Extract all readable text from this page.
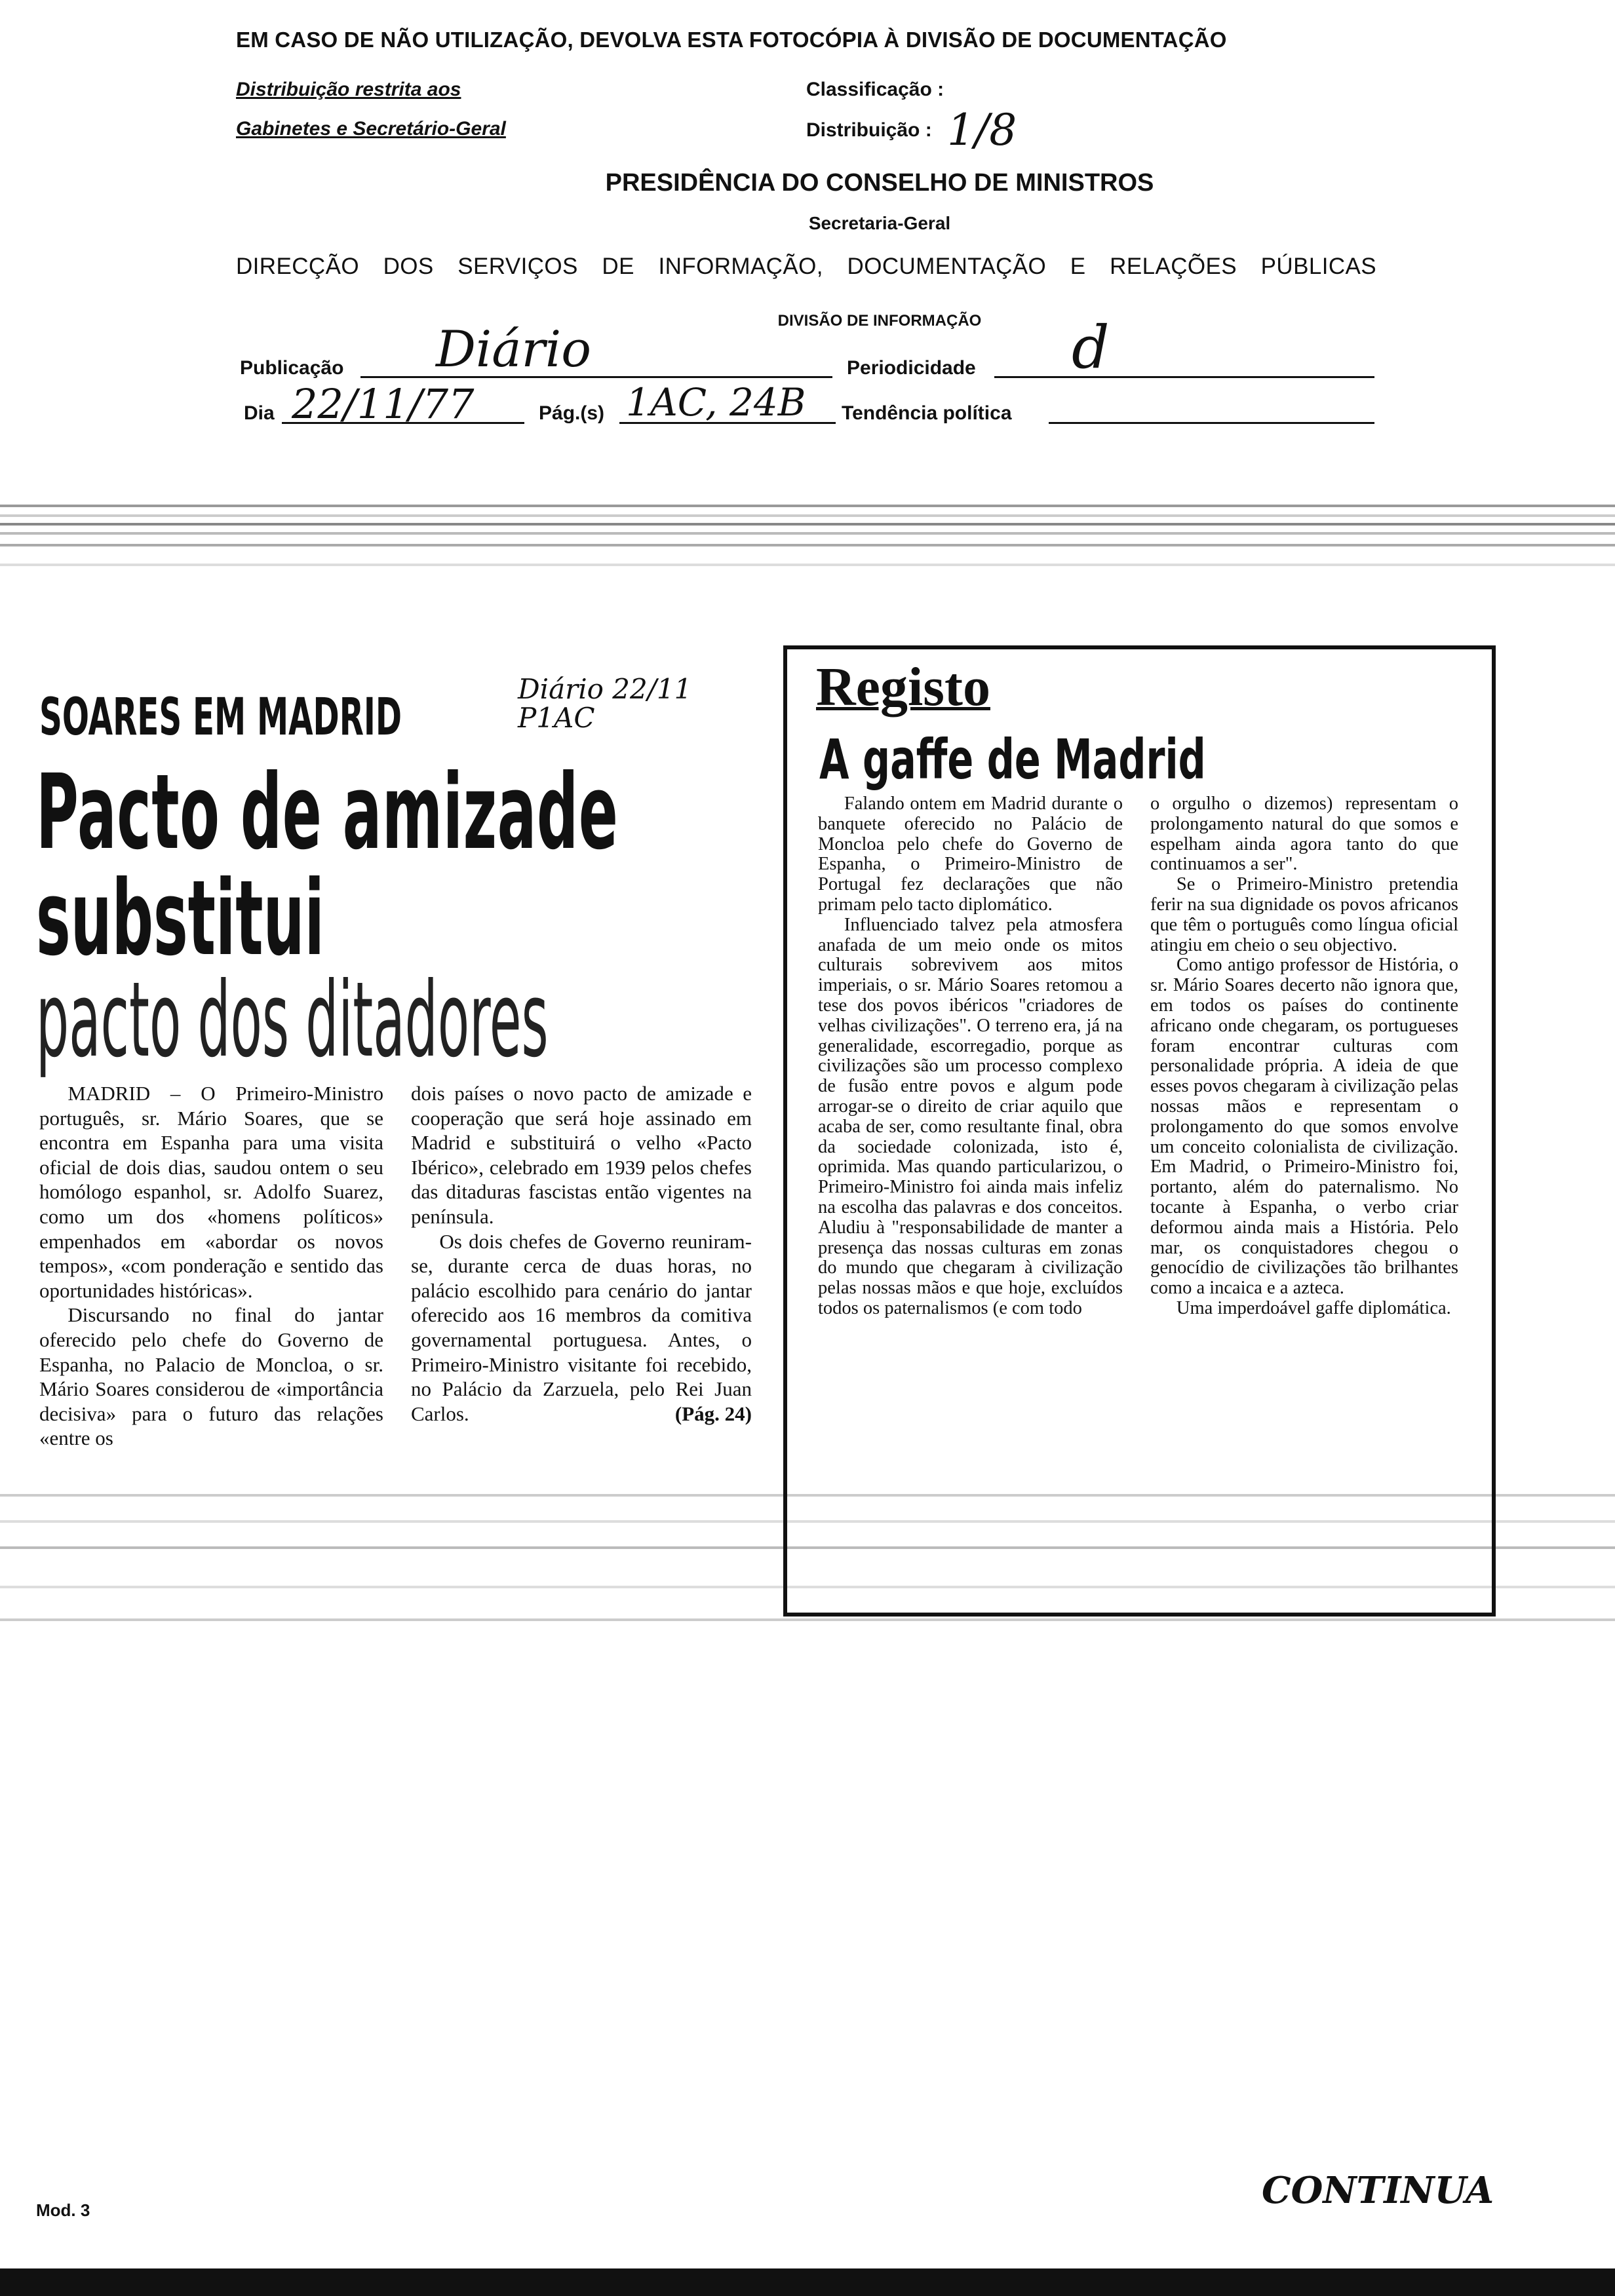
EM CASO DE NÃO UTILIZAÇÃO, DEVOLVA ESTA FOTOCÓPIA À DIVISÃO DE DOCUMENTAÇÃO
Distribuição restrita aos
Gabinetes e Secretário-Geral
Classificação :
Distribuição : 1/8
PRESIDÊNCIA DO CONSELHO DE MINISTROS
Secretaria-Geral
DIRECÇÃO DOS SERVIÇOS DE INFORMAÇÃO, DOCUMENTAÇÃO E RELAÇÕES PÚBLICAS
DIVISÃO DE INFORMAÇÃO
Publicação Diário	Periodicidade d
Dia 22/11/77	Pág.(s) 1AC, 24B Tendência política
SOARES EM MADRID	Diário 22/11 P1AC
Pacto de amizade
substitui
pacto dos ditadores

MADRID – O Primeiro-Ministro português, sr. Mário Soares, que se encontra em Espanha para uma visita oficial de dois dias, saudou ontem o seu homólogo espanhol, sr. Adolfo Suarez, como um dos «homens políticos» empenhados em «abordar os novos tempos», «com ponderação e sentido das oportunidades históricas».

Discursando no final do jantar oferecido pelo chefe do Governo de Espanha, no Palacio de Moncloa, o sr. Mário Soares considerou de «importância decisiva» para o futuro das relações «entre os

dois países o novo pacto de amizade e cooperação que será hoje assinado em Madrid e substituirá o velho «Pacto Ibérico», celebrado em 1939 pelos chefes das ditaduras fascistas então vigentes na península.

Os dois chefes de Governo reuniram-se, durante cerca de duas horas, no palácio escolhido para cenário do jantar oferecido aos 16 membros da comitiva governamental portuguesa. Antes, o Primeiro-Ministro visitante foi recebido, no Palácio da Zarzuela, pelo Rei Juan Carlos.	(Pág. 24)

Registo
A gaffe de Madrid

Falando ontem em Madrid durante o banquete oferecido no Palácio de Moncloa pelo chefe do Governo de Espanha, o Primeiro-Ministro de Portugal fez declarações que não primam pelo tacto diplomático.

Influenciado talvez pela atmosfera anafada de um meio onde os mitos culturais sobrevivem aos mitos imperiais, o sr. Mário Soares retomou a tese dos povos ibéricos "criadores de velhas civilizações". O terreno era, já na generalidade, escorregadio, porque as civilizações são um processo complexo de fusão entre povos e algum pode arrogar-se o direito de criar aquilo que acaba de ser, como resultante final, obra da sociedade colonizada, isto é, oprimida. Mas quando particularizou, o Primeiro-Ministro foi ainda mais infeliz na escolha das palavras e dos conceitos. Aludiu à "responsabilidade de manter a presença das nossas culturas em zonas do mundo que chegaram à civilização pelas nossas mãos e que hoje, excluídos todos os paternalismos (e com todo

o orgulho o dizemos) representam o prolongamento natural do que somos e espelham ainda agora tanto do que continuamos a ser".

Se o Primeiro-Ministro pretendia ferir na sua dignidade os povos africanos que têm o português como língua oficial atingiu em cheio o seu objectivo.

Como antigo professor de História, o sr. Mário Soares decerto não ignora que, em todos os países do continente africano onde chegaram, os portugueses foram encontrar culturas com personalidade própria. A ideia de que esses povos chegaram à civilização pelas nossas mãos e representam o prolongamento do que somos envolve um conceito colonialista de civilização. Em Madrid, o Primeiro-Ministro foi, portanto, além do paternalismo. No tocante à Espanha, o verbo criar deformou ainda mais a História. Pelo mar, os conquistadores chegou o genocídio de civilizações tão brilhantes como a incaica e a azteca.

Uma imperdoável gaffe diplomática.

Mod. 3	CONTINUA
